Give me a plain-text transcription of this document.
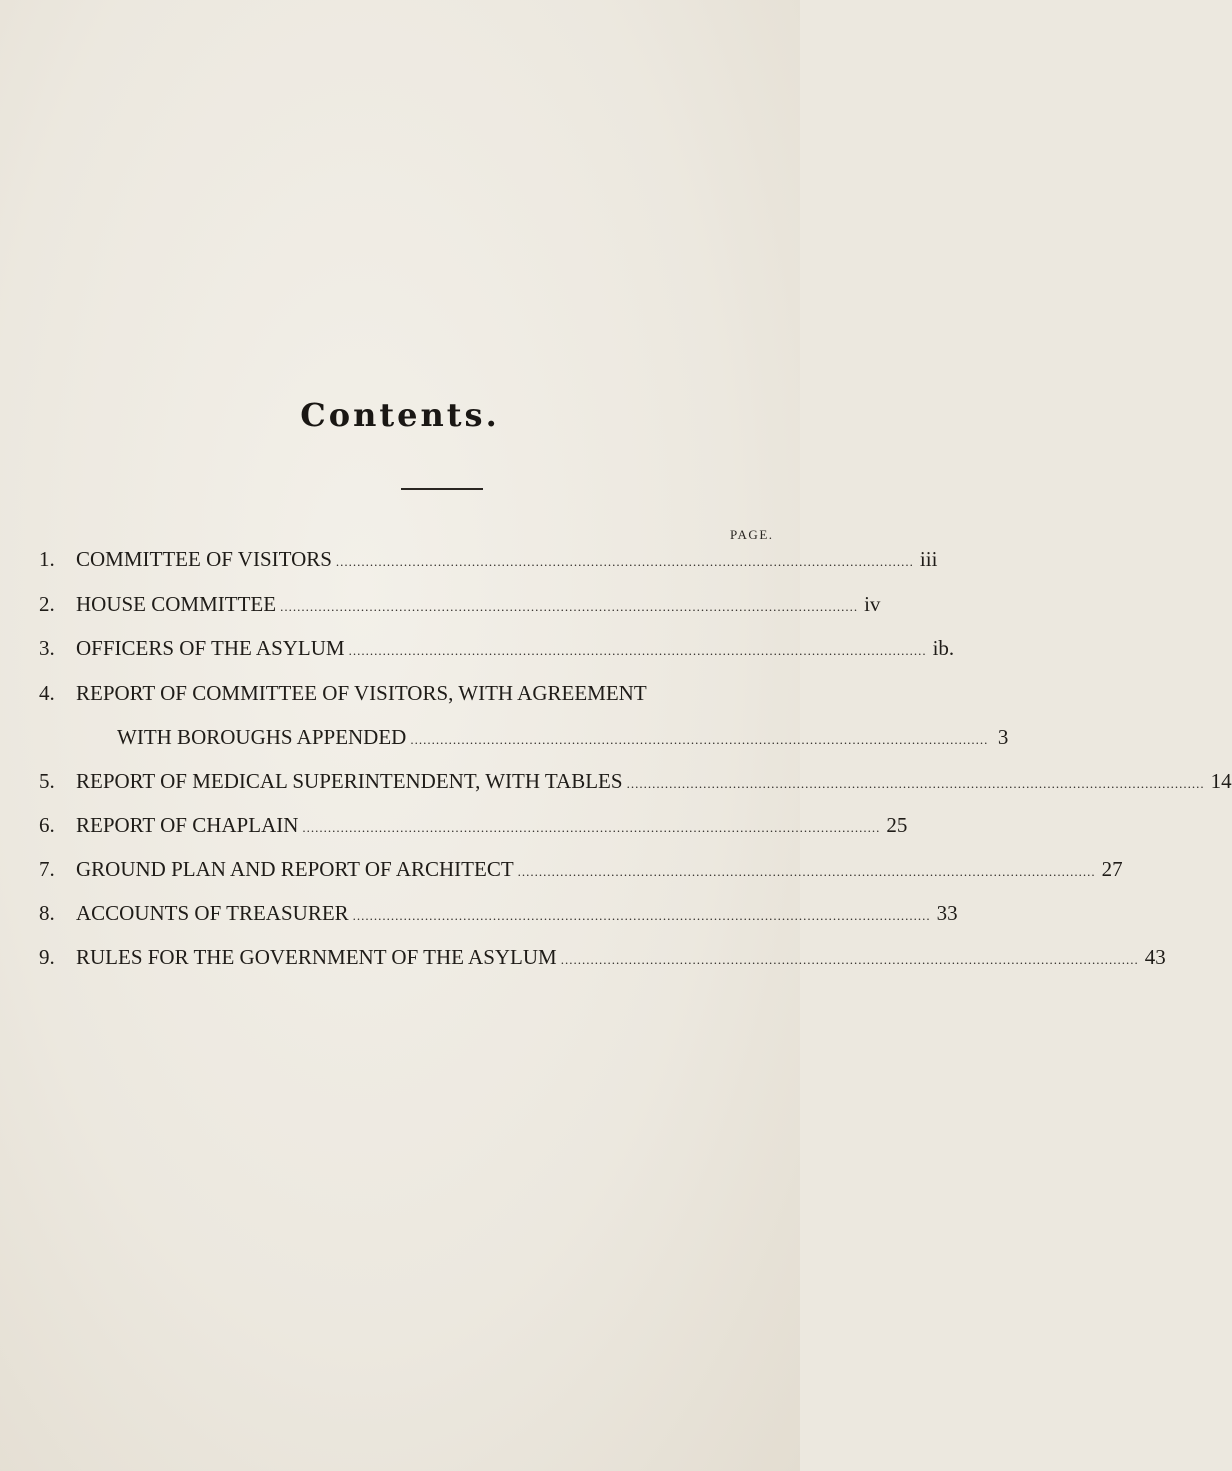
Contents.
PAGE.
1.	COMMITTEE OF VISITORS ........................................................................................................................................ iii
2.	HOUSE COMMITTEE ........................................................................................................................................ iv
3.	OFFICERS OF THE ASYLUM ........................................................................................................................................ ib.
4.	REPORT OF COMMITTEE OF VISITORS, WITH AGREEMENT
WITH BOROUGHS APPENDED ........................................................................................................................................ 3
5.	REPORT OF MEDICAL SUPERINTENDENT, WITH TABLES ........................................................................................................................................ 14
6.	REPORT OF CHAPLAIN ........................................................................................................................................ 25
7.	GROUND PLAN AND REPORT OF ARCHITECT ........................................................................................................................................ 27
8.	ACCOUNTS OF TREASURER ........................................................................................................................................ 33
9.	RULES FOR THE GOVERNMENT OF THE ASYLUM ........................................................................................................................................ 43
